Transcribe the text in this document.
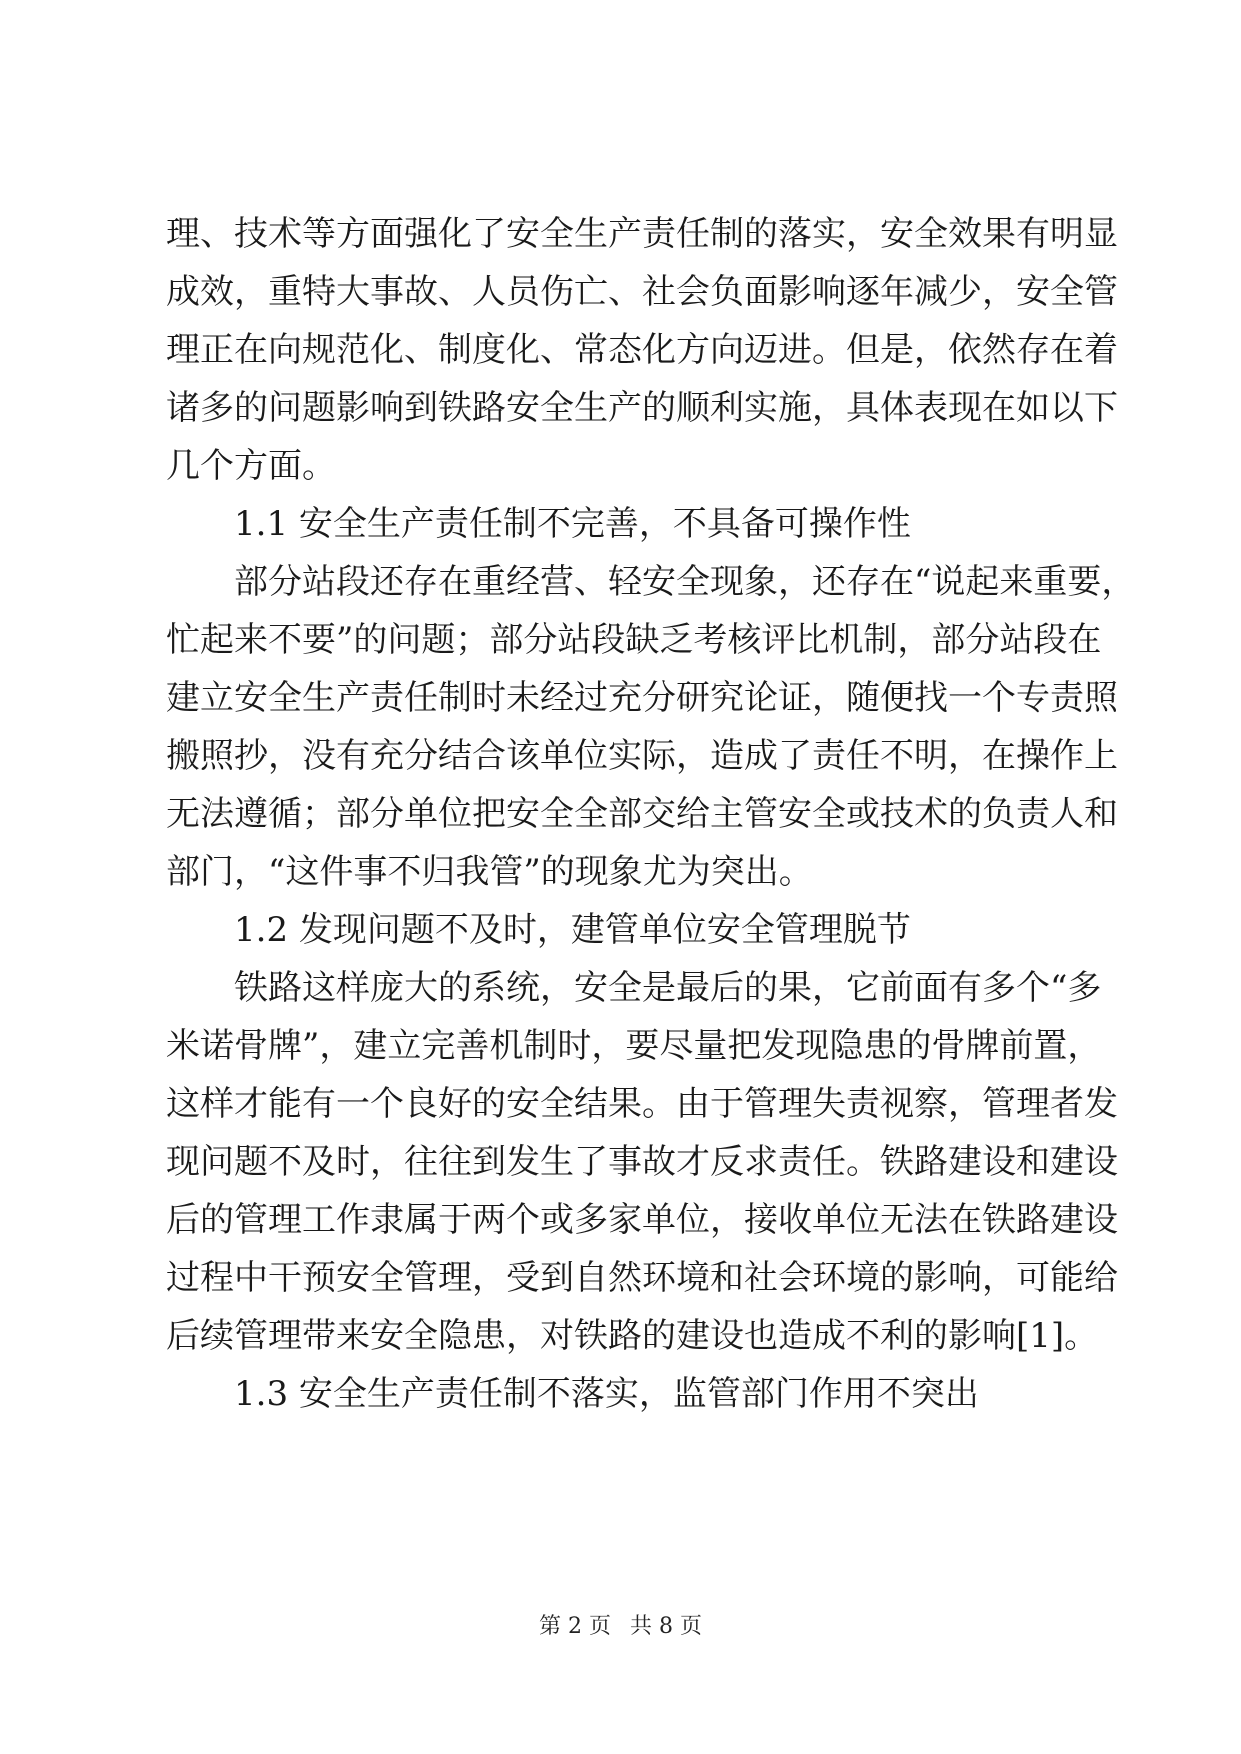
理、技术等方面强化了安全生产责任制的落实，安全效果有明显
成效，重特大事故、人员伤亡、社会负面影响逐年减少，安全管
理正在向规范化、制度化、常态化方向迈进。但是，依然存在着
诸多的问题影响到铁路安全生产的顺利实施，具体表现在如以下
几个方面。
1.1 安全生产责任制不完善，不具备可操作性
部分站段还存在重经营、轻安全现象，还存在“说起来重要，
忙起来不要”的问题；部分站段缺乏考核评比机制，部分站段在
建立安全生产责任制时未经过充分研究论证，随便找一个专责照
搬照抄，没有充分结合该单位实际，造成了责任不明，在操作上
无法遵循；部分单位把安全全部交给主管安全或技术的负责人和
部门，“这件事不归我管”的现象尤为突出。
1.2 发现问题不及时，建管单位安全管理脱节
铁路这样庞大的系统，安全是最后的果，它前面有多个“多
米诺骨牌”，建立完善机制时，要尽量把发现隐患的骨牌前置，
这样才能有一个良好的安全结果。由于管理失责视察，管理者发
现问题不及时，往往到发生了事故才反求责任。铁路建设和建设
后的管理工作隶属于两个或多家单位，接收单位无法在铁路建设
过程中干预安全管理，受到自然环境和社会环境的影响，可能给
后续管理带来安全隐患，对铁路的建设也造成不利的影响[1]。
1.3 安全生产责任制不落实，监管部门作用不突出
第 2 页 共 8 页
